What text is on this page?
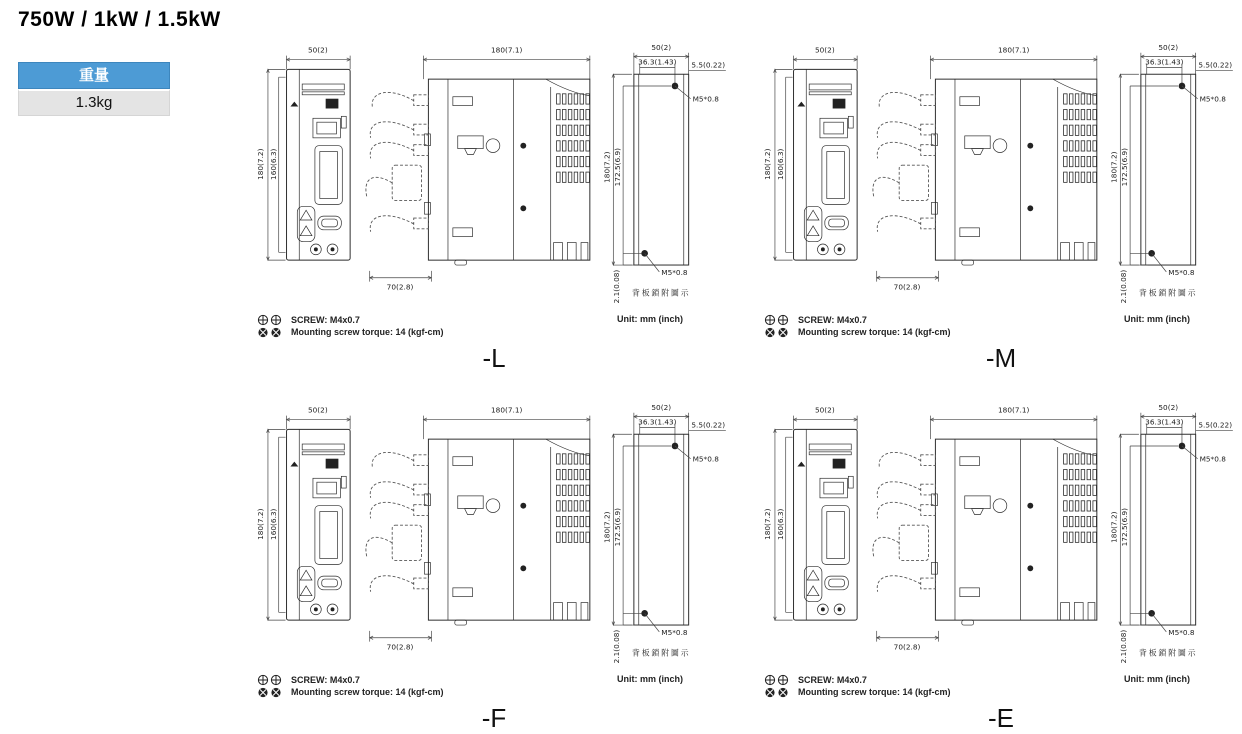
750W / 1kW / 1.5kW
重量
1.3kg
50(2)
180(7.2) 160(6.3)
180(7.1)
70(2.8)
50(2)
36.3(1.43) 5.5(0.22)
M5*0.8
M5*0.8
180(7.2) 172.5(6.9)
2.1(0.08) 背板鎖附圖示
SCREW: M4x0.7
Mounting screw torque: 14 (kgf-cm)
Unit: mm (inch)
-L
50(2)
180(7.2) 160(6.3)
180(7.1)
70(2.8)
50(2)
36.3(1.43) 5.5(0.22)
M5*0.8
M5*0.8
180(7.2) 172.5(6.9)
2.1(0.08) 背板鎖附圖示
SCREW: M4x0.7
Mounting screw torque: 14 (kgf-cm)
Unit: mm (inch)
-M
50(2)
180(7.2) 160(6.3)
180(7.1)
70(2.8)
50(2)
36.3(1.43) 5.5(0.22)
M5*0.8
M5*0.8
180(7.2) 172.5(6.9)
2.1(0.08) 背板鎖附圖示
SCREW: M4x0.7
Mounting screw torque: 14 (kgf-cm)
Unit: mm (inch)
-F
50(2)
180(7.2) 160(6.3)
180(7.1)
70(2.8)
50(2)
36.3(1.43) 5.5(0.22)
M5*0.8
M5*0.8
180(7.2) 172.5(6.9)
2.1(0.08) 背板鎖附圖示
SCREW: M4x0.7
Mounting screw torque: 14 (kgf-cm)
Unit: mm (inch)
-E
